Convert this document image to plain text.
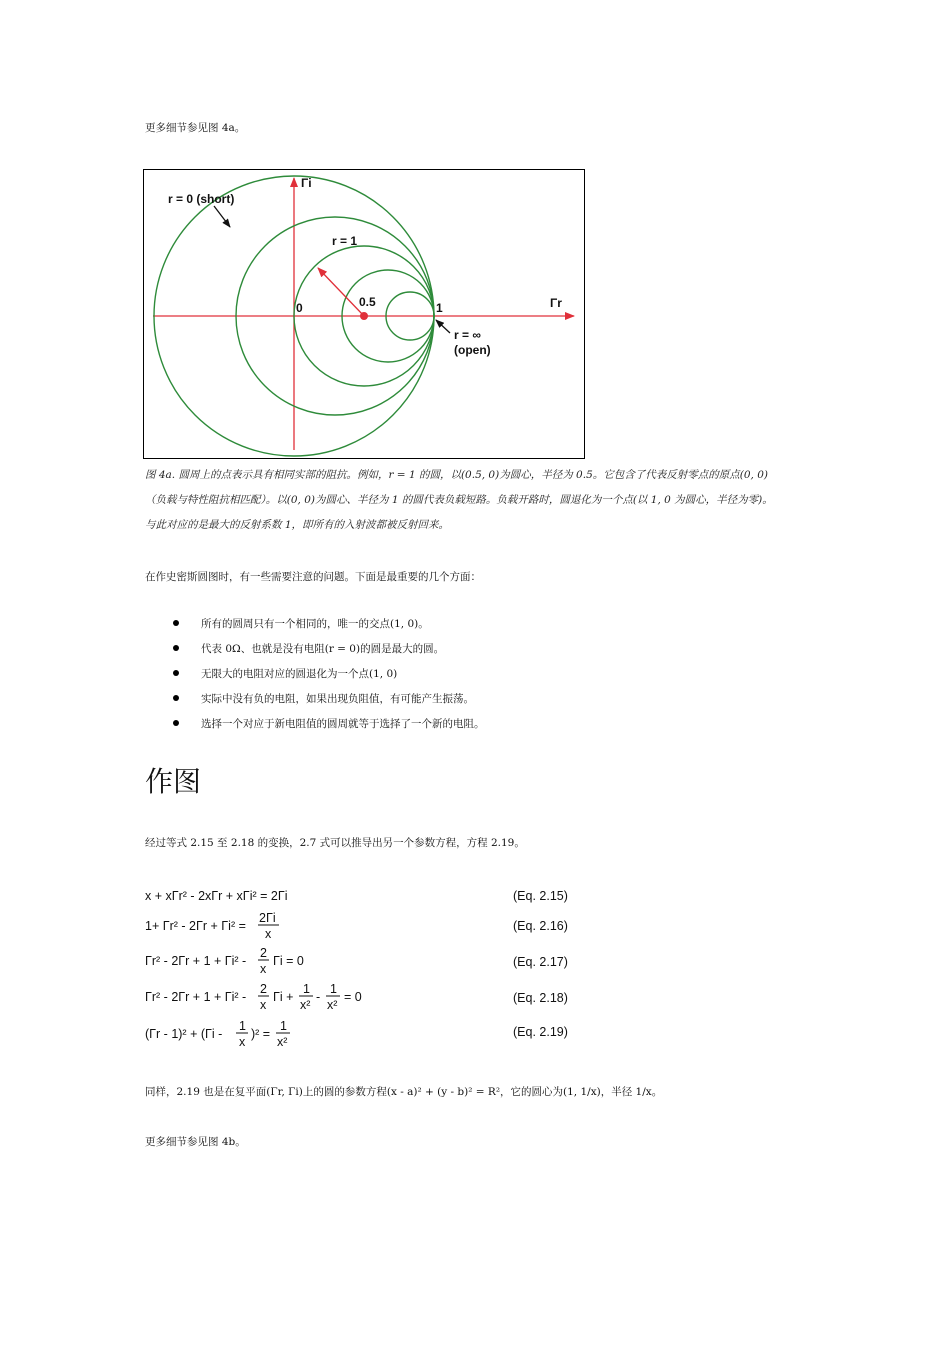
更多细节参见图 4a。
r = 0 (short)
r = 1
Γi
Γr
0	0.5	1
r = ∞
(open)
图 4a. 圆周上的点表示具有相同实部的阻抗。例如，r = 1 的圆，以(0.5, 0)为圆心，半径为 0.5。它包含了代表反射零点的原点(0, 0)
（负载与特性阻抗相匹配）。以(0, 0)为圆心、半径为 1 的圆代表负载短路。负载开路时，圆退化为一个点(以 1, 0 为圆心，半径为零)。
与此对应的是最大的反射系数 1，即所有的入射波都被反射回来。
在作史密斯圆图时，有一些需要注意的问题。下面是最重要的几个方面：
所有的圆周只有一个相同的，唯一的交点(1, 0)。
代表 0Ω、也就是没有电阻(r = 0)的圆是最大的圆。
无限大的电阻对应的圆退化为一个点(1, 0)
实际中没有负的电阻，如果出现负阻值，有可能产生振荡。
选择一个对应于新电阻值的圆周就等于选择了一个新的电阻。
作图
经过等式 2.15 至 2.18 的变换，2.7 式可以推导出另一个参数方程，方程 2.19。
x + xΓr² - 2xΓr + xΓi² = 2Γi	(Eq. 2.15)
1+ Γr² - 2Γr + Γi² =
2Γi
x
(Eq. 2.16)
Γr² - 2Γr + 1 + Γi² -
2
x
Γi = 0	(Eq. 2.17)
Γr² - 2Γr + 1 + Γi² -
2
x
Γi +
1
x²
-
1
x²
= 0	(Eq. 2.18)
(Γr - 1)² + (Γi -
1
x
)² =
1
x²
(Eq. 2.19)
同样，2.19 也是在复平面(Γr, Γi)上的圆的参数方程(x - a)² + (y - b)² = R²，它的圆心为(1, 1/x)，半径 1/x。
更多细节参见图 4b。
